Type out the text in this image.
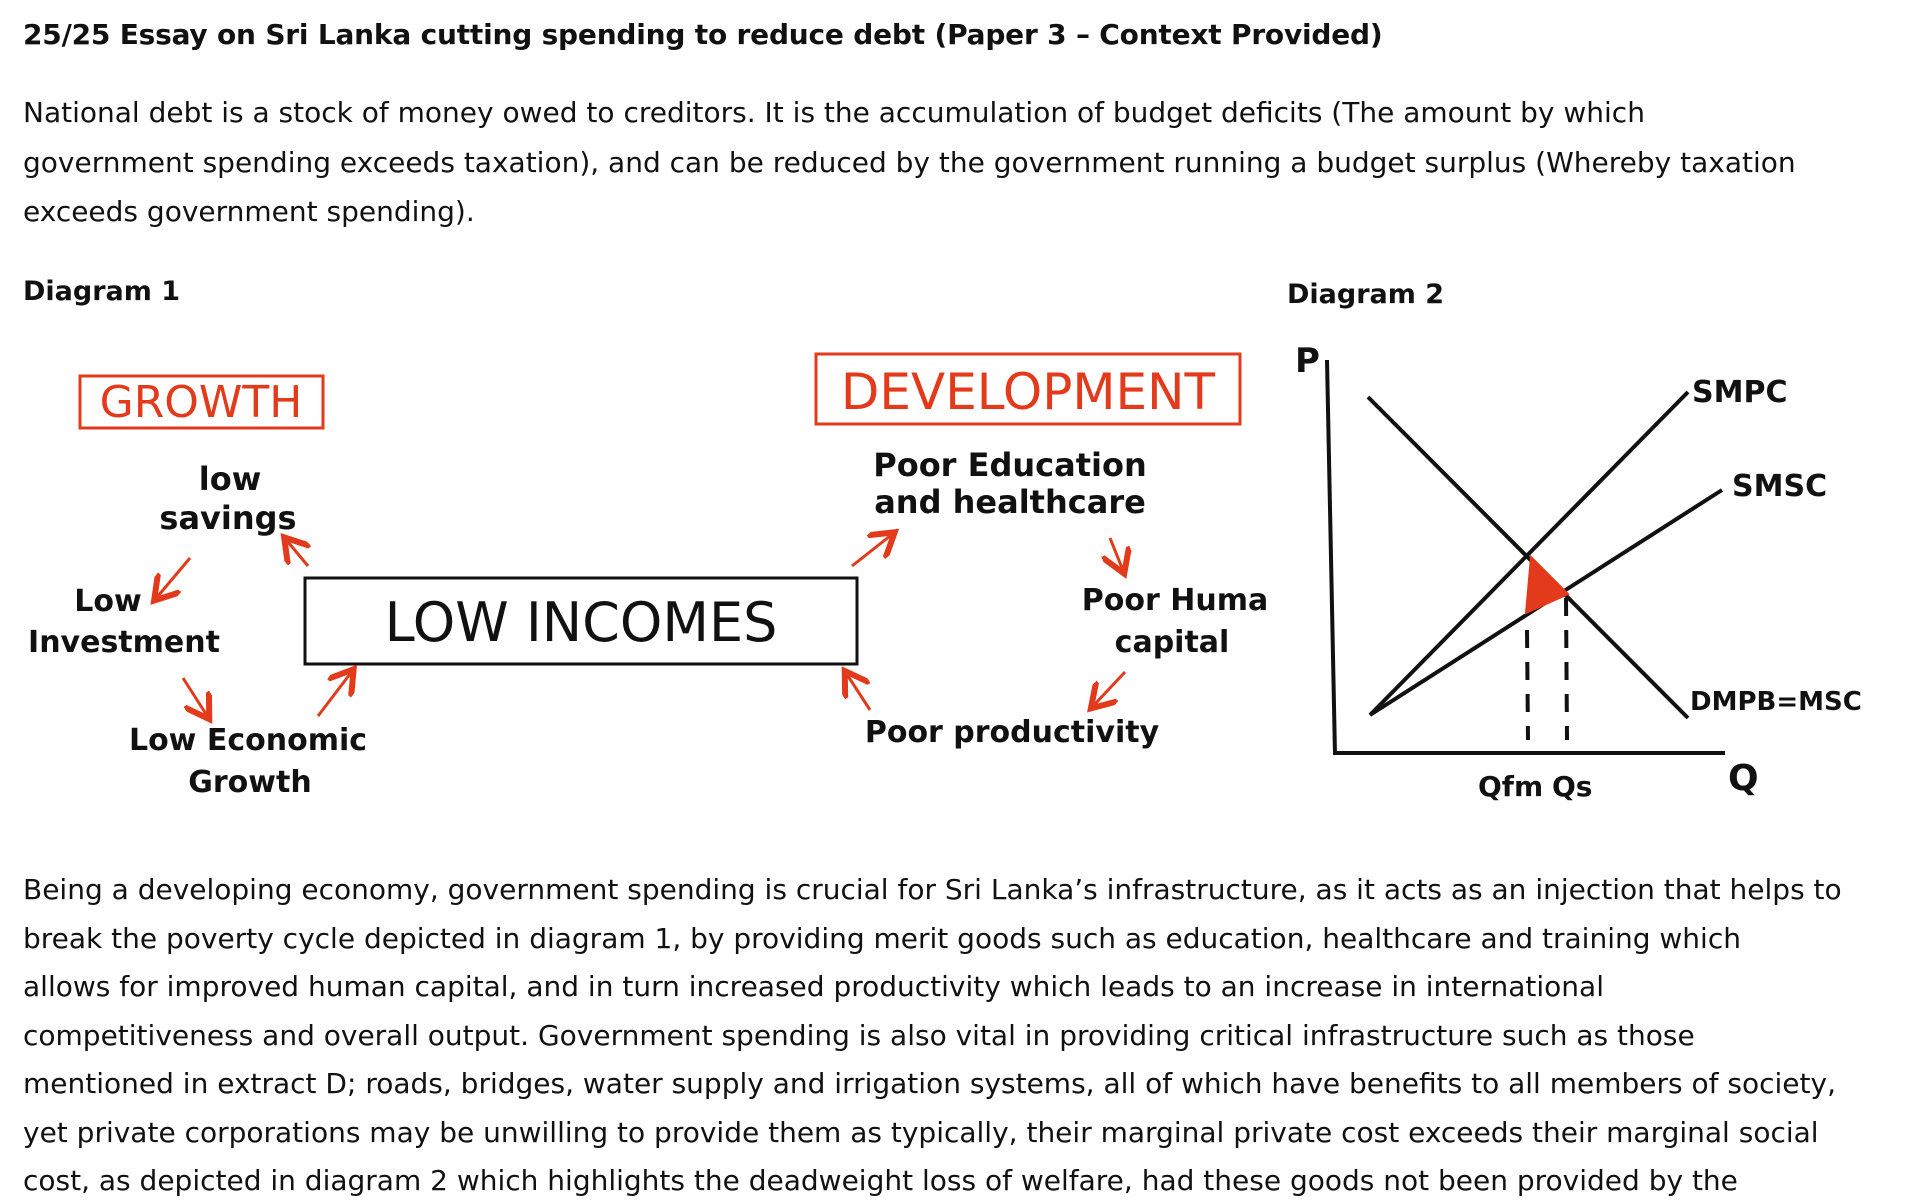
25/25 Essay on Sri Lanka cutting spending to reduce debt (Paper 3 – Context Provided)
National debt is a stock of money owed to creditors. It is the accumulation of budget deficits (The amount by which
government spending exceeds taxation), and can be reduced by the government running a budget surplus (Whereby taxation
exceeds government spending).
Diagram 1	Diagram 2
GROWTH	DEVELOPMENT
LOW INCOMES
low
savings
Low
Investment
Low Economic
Growth
Poor Education
and healthcare
Poor Huma
capital
Poor productivity
P
Q
SMPC
SMSC
DMPB=MSC
Qfm Qs
Being a developing economy, government spending is crucial for Sri Lanka’s infrastructure, as it acts as an injection that helps to
break the poverty cycle depicted in diagram 1, by providing merit goods such as education, healthcare and training which
allows for improved human capital, and in turn increased productivity which leads to an increase in international
competitiveness and overall output. Government spending is also vital in providing critical infrastructure such as those
mentioned in extract D; roads, bridges, water supply and irrigation systems, all of which have benefits to all members of society,
yet private corporations may be unwilling to provide them as typically, their marginal private cost exceeds their marginal social
cost, as depicted in diagram 2 which highlights the deadweight loss of welfare, had these goods not been provided by the
